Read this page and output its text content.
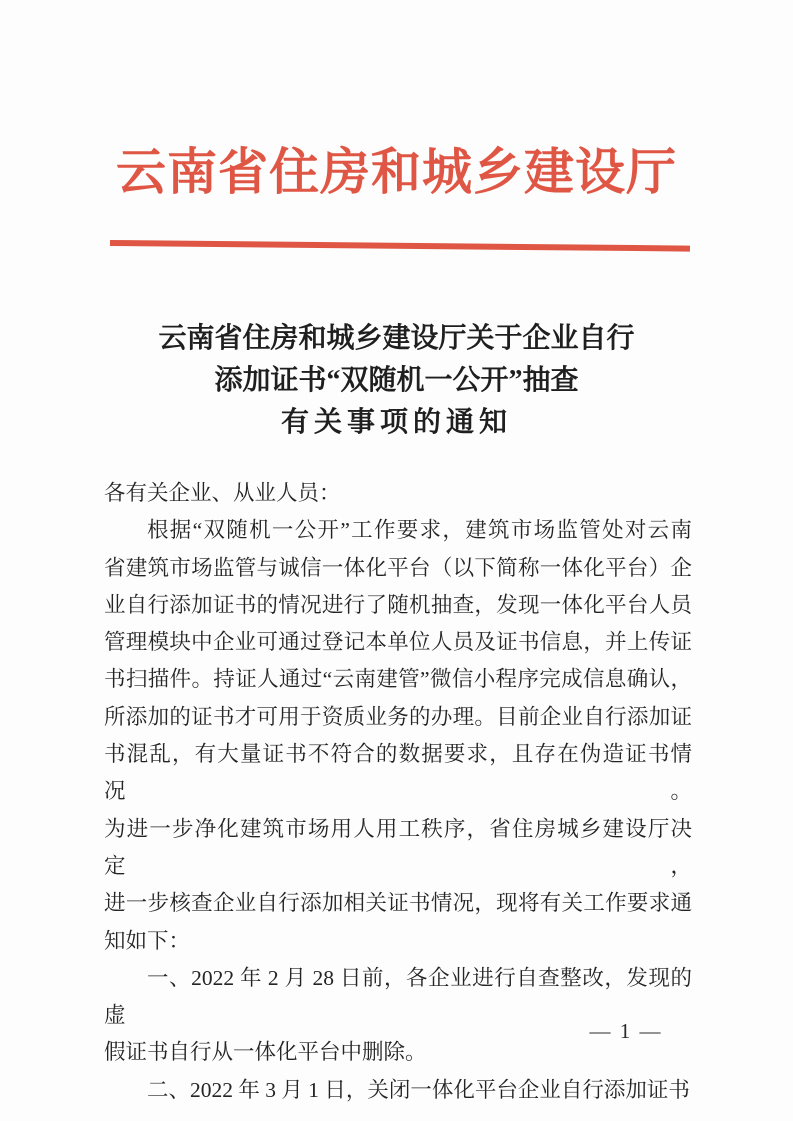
云南省住房和城乡建设厅
云南省住房和城乡建设厅关于企业自行
添加证书“双随机一公开”抽查
有关事项的通知
各有关企业、从业人员：
根据“双随机一公开”工作要求，建筑市场监管处对云南
省建筑市场监管与诚信一体化平台（以下简称一体化平台）企
业自行添加证书的情况进行了随机抽查，发现一体化平台人员
管理模块中企业可通过登记本单位人员及证书信息，并上传证
书扫描件。持证人通过“云南建管”微信小程序完成信息确认，
所添加的证书才可用于资质业务的办理。目前企业自行添加证
书混乱，有大量证书不符合的数据要求，且存在伪造证书情况。
为进一步净化建筑市场用人用工秩序，省住房城乡建设厅决定，
进一步核查企业自行添加相关证书情况，现将有关工作要求通
知如下：
一、2022 年 2 月 28 日前，各企业进行自查整改，发现的虚
假证书自行从一体化平台中删除。
二、2022 年 3 月 1 日，关闭一体化平台企业自行添加证书
— 1 —
